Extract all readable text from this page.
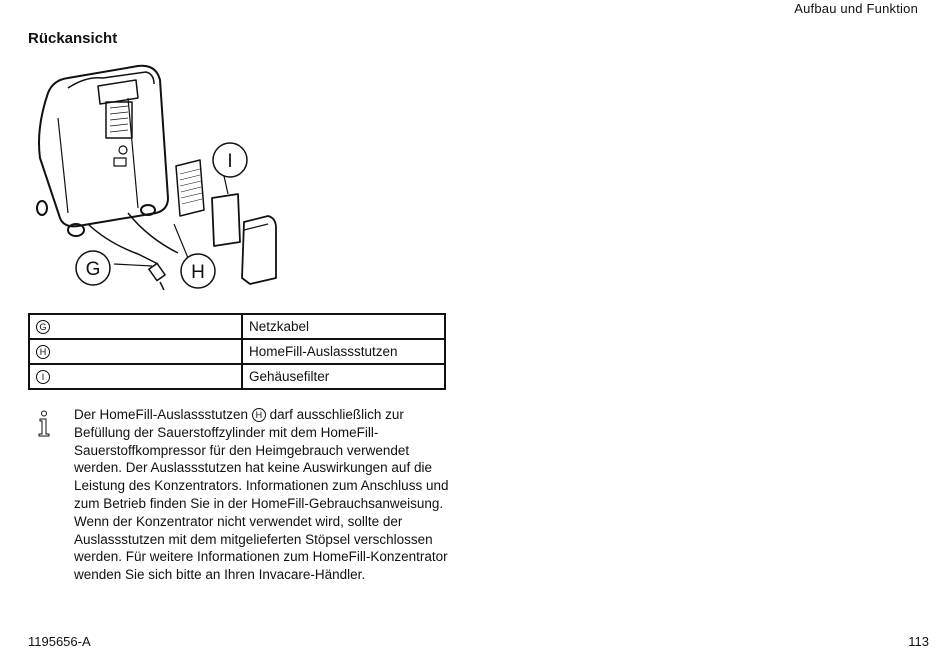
Aufbau und Funktion
Rückansicht
G	H
I
G	Netzkabel
H	HomeFill-Auslassstutzen
I	Gehäusefilter
Der HomeFill-Auslassstutzen H darf ausschließlich zur Befüllung der Sauerstoffzylinder mit dem HomeFill-Sauerstoffkompressor für den Heimgebrauch verwendet werden. Der Auslassstutzen hat keine Auswirkungen auf die Leistung des Konzentrators. Informationen zum Anschluss und zum Betrieb finden Sie in der HomeFill-Gebrauchsanweisung. Wenn der Konzentrator nicht verwendet wird, sollte der Auslassstutzen mit dem mitgelieferten Stöpsel verschlossen werden. Für weitere Informationen zum HomeFill-Konzentrator wenden Sie sich bitte an Ihren Invacare-Händler.
1195656-A	113
